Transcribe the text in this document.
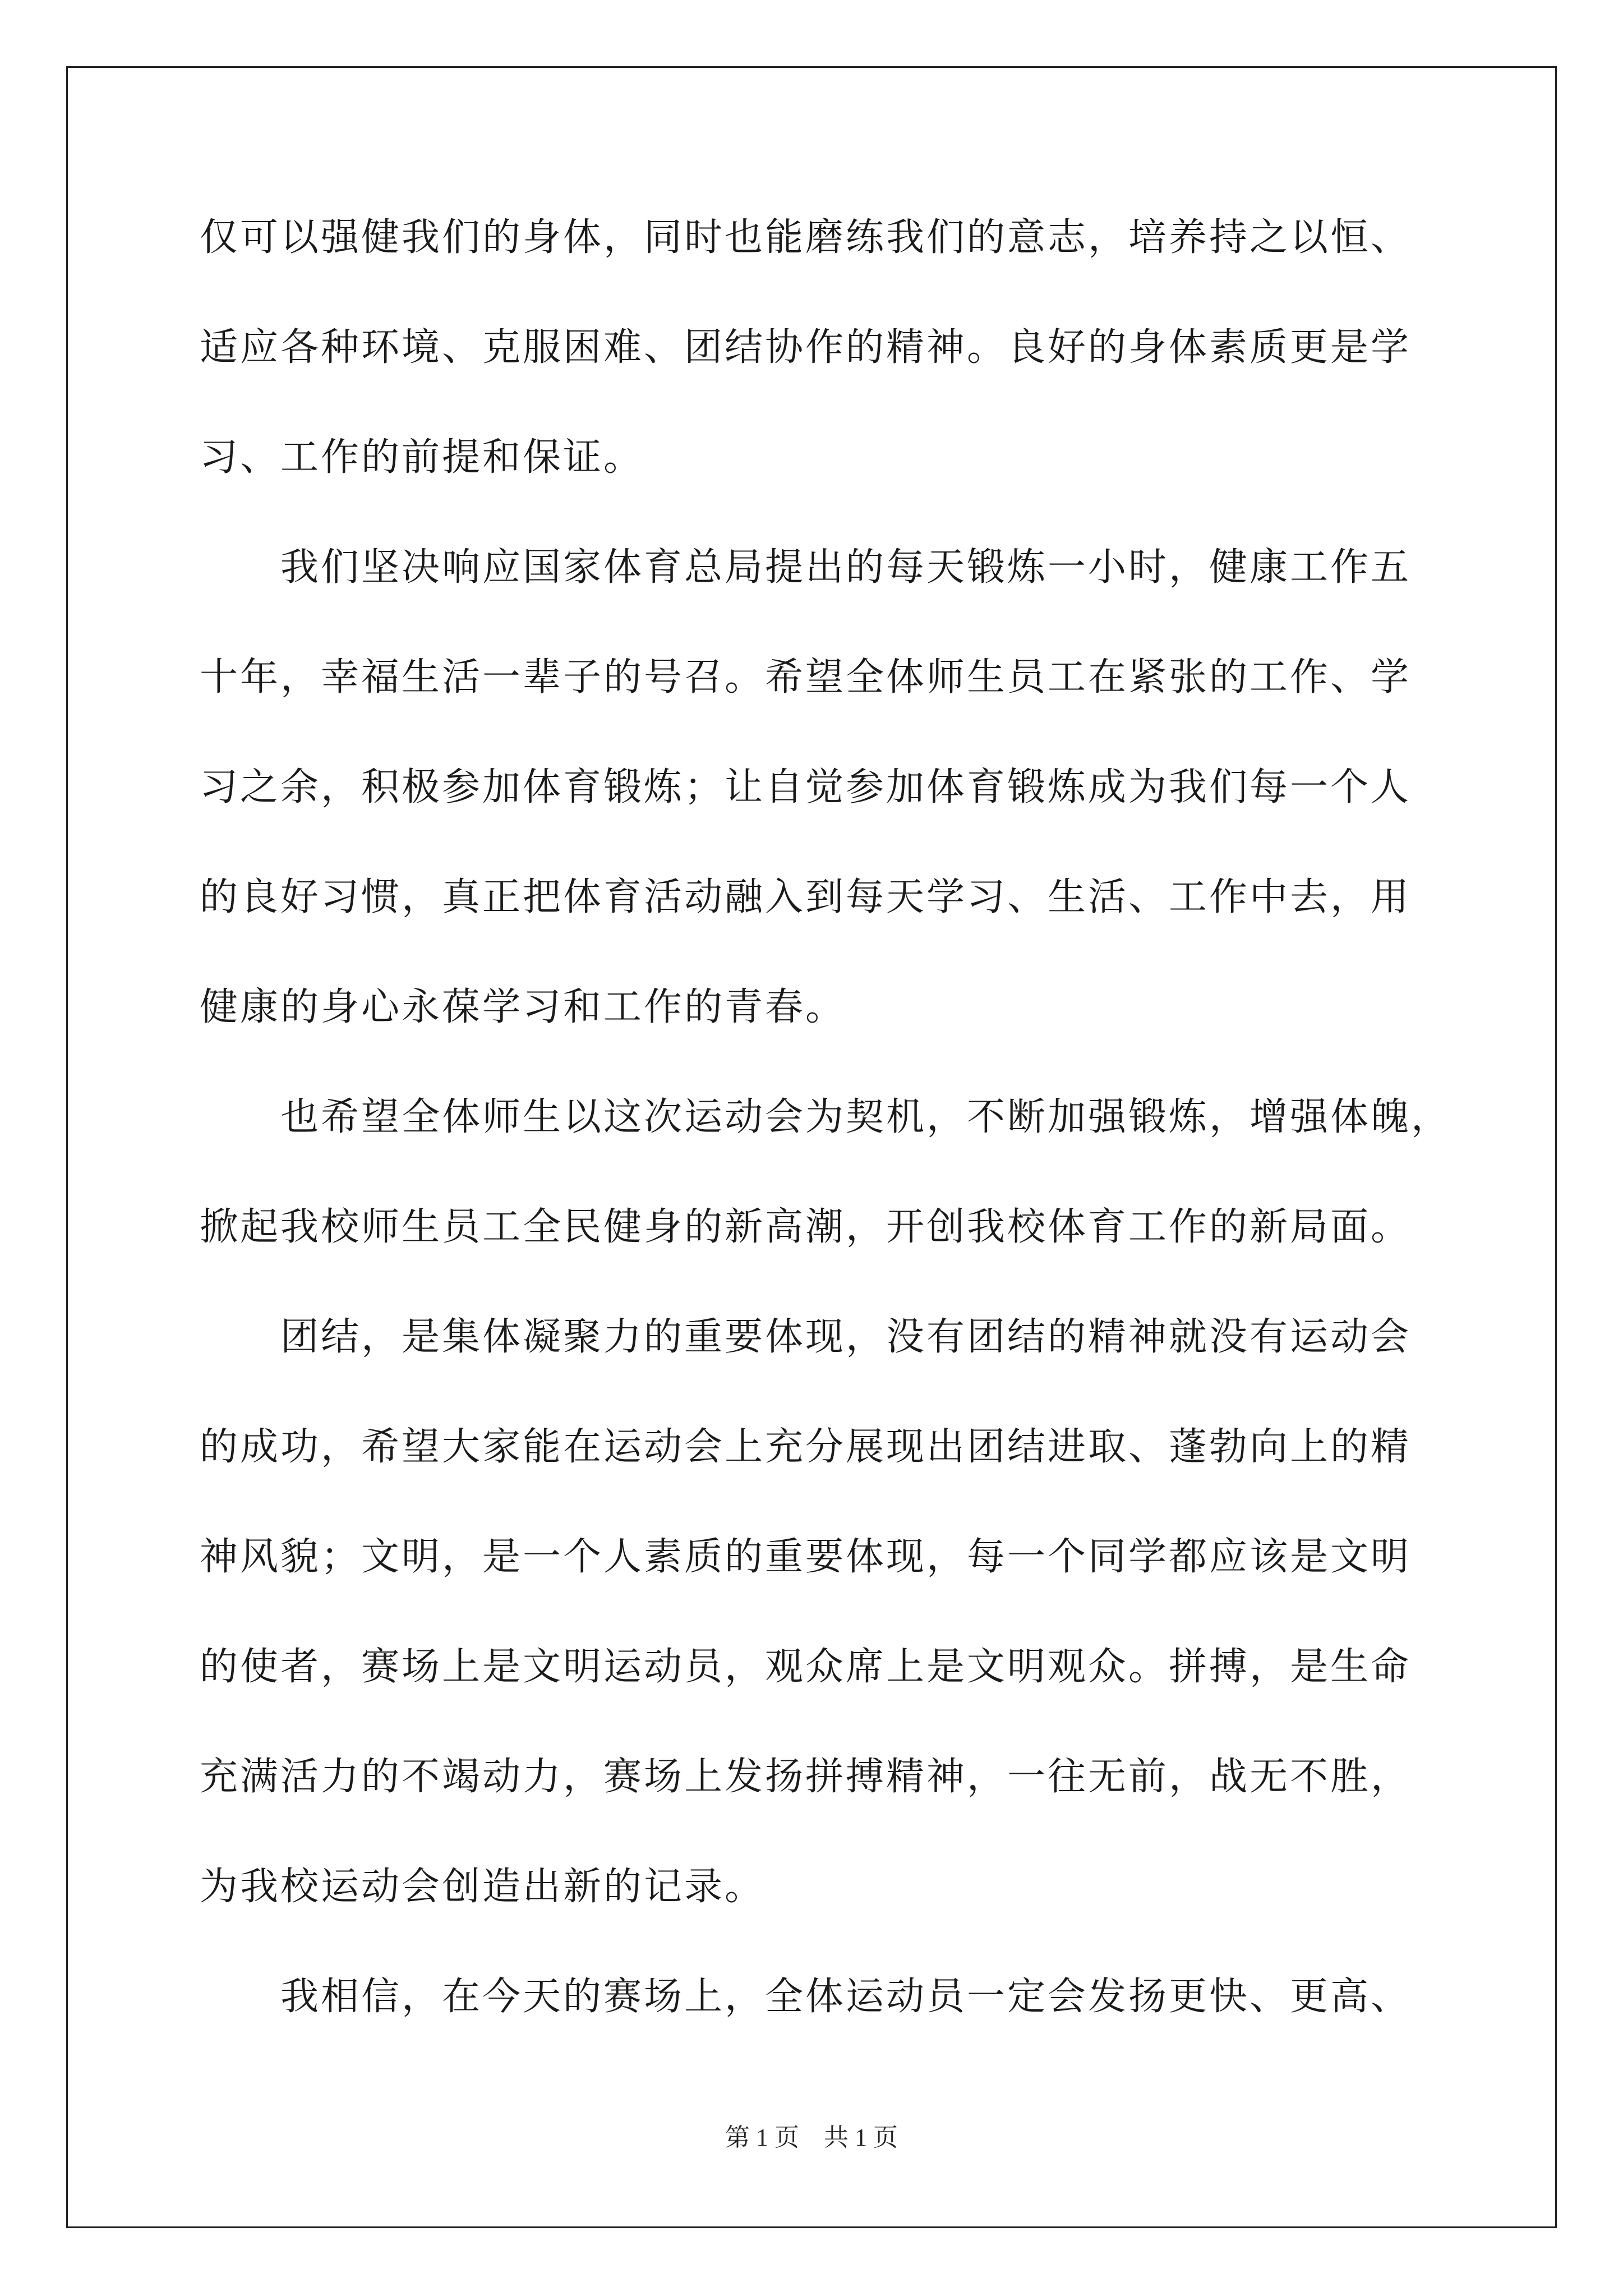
仅可以强健我们的身体，同时也能磨练我们的意志，培养持之以恒、
适应各种环境、克服困难、团结协作的精神。良好的身体素质更是学
习、工作的前提和保证。
　　我们坚决响应国家体育总局提出的每天锻炼一小时，健康工作五
十年，幸福生活一辈子的号召。希望全体师生员工在紧张的工作、学
习之余，积极参加体育锻炼；让自觉参加体育锻炼成为我们每一个人
的良好习惯，真正把体育活动融入到每天学习、生活、工作中去，用
健康的身心永葆学习和工作的青春。
　　也希望全体师生以这次运动会为契机，不断加强锻炼，增强体魄，
掀起我校师生员工全民健身的新高潮，开创我校体育工作的新局面。
　　团结，是集体凝聚力的重要体现，没有团结的精神就没有运动会
的成功，希望大家能在运动会上充分展现出团结进取、蓬勃向上的精
神风貌；文明，是一个人素质的重要体现，每一个同学都应该是文明
的使者，赛场上是文明运动员，观众席上是文明观众。拼搏，是生命
充满活力的不竭动力，赛场上发扬拼搏精神，一往无前，战无不胜，
为我校运动会创造出新的记录。
　　我相信，在今天的赛场上，全体运动员一定会发扬更快、更高、
第 1 页　共 1 页
